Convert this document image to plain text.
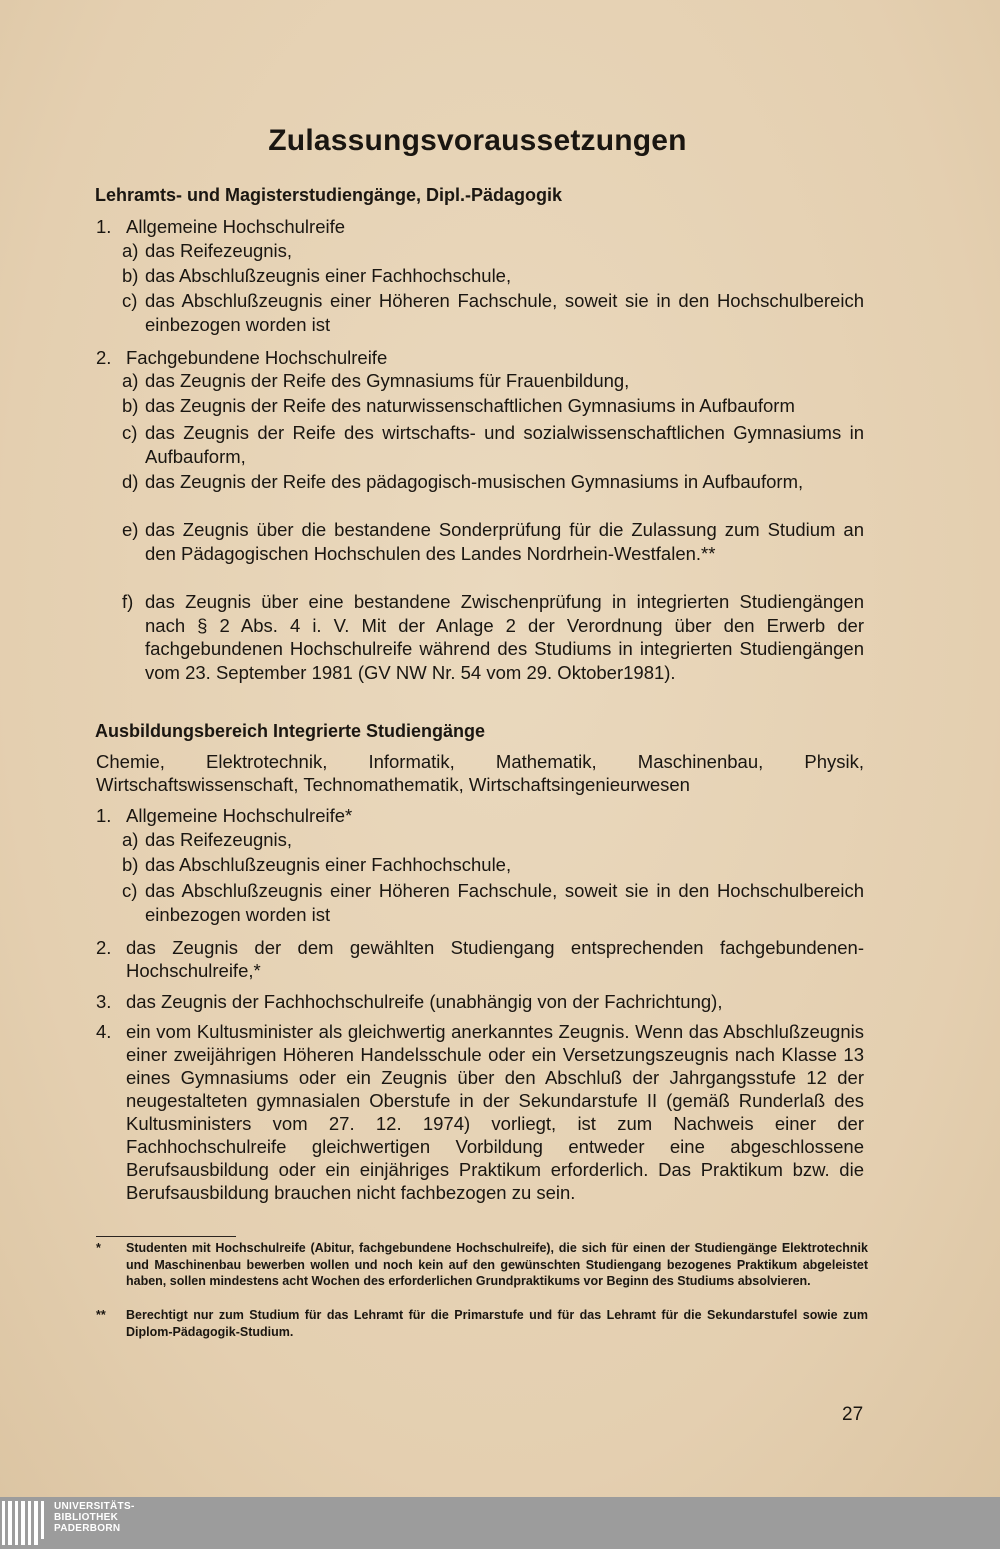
Zulassungsvoraussetzungen
Lehramts- und Magisterstudiengänge, Dipl.-Pädagogik
1. Allgemeine Hochschulreife
a) das Reifezeugnis,
b) das Abschlußzeugnis einer Fachhochschule,
c) das Abschlußzeugnis einer Höheren Fachschule, soweit sie in den Hochschulbereich einbezogen worden ist
2. Fachgebundene Hochschulreife
a) das Zeugnis der Reife des Gymnasiums für Frauenbildung,
b) das Zeugnis der Reife des naturwissenschaftlichen Gymnasiums in Aufbauform
c) das Zeugnis der Reife des wirtschafts- und sozialwissenschaftlichen Gymnasiums in Aufbauform,
d) das Zeugnis der Reife des pädagogisch-musischen Gymnasiums in Aufbauform,
e) das Zeugnis über die bestandene Sonderprüfung für die Zulassung zum Studium an den Pädagogischen Hochschulen des Landes Nordrhein-Westfalen.**
f) das Zeugnis über eine bestandene Zwischenprüfung in integrierten Studiengängen nach § 2 Abs. 4 i. V. Mit der Anlage 2 der Verordnung über den Erwerb der fachgebundenen Hochschulreife während des Studiums in integrierten Studiengängen vom 23. September 1981 (GV NW Nr. 54 vom 29. Oktober1981).
Ausbildungsbereich Integrierte Studiengänge
Chemie, Elektrotechnik, Informatik, Mathematik, Maschinenbau, Physik, Wirtschaftswissenschaft, Technomathematik, Wirtschaftsingenieurwesen
1. Allgemeine Hochschulreife*
a) das Reifezeugnis,
b) das Abschlußzeugnis einer Fachhochschule,
c) das Abschlußzeugnis einer Höheren Fachschule, soweit sie in den Hochschulbereich einbezogen worden ist
2. das Zeugnis der dem gewählten Studiengang entsprechenden fachgebundenen-Hochschulreife,*
3. das Zeugnis der Fachhochschulreife (unabhängig von der Fachrichtung),
4. ein vom Kultusminister als gleichwertig anerkanntes Zeugnis. Wenn das Abschlußzeugnis einer zweijährigen Höheren Handelsschule oder ein Versetzungszeugnis nach Klasse 13 eines Gymnasiums oder ein Zeugnis über den Abschluß der Jahrgangsstufe 12 der neugestalteten gymnasialen Oberstufe in der Sekundarstufe II (gemäß Runderlaß des Kultusministers vom 27. 12. 1974) vorliegt, ist zum Nachweis einer der Fachhochschulreife gleichwertigen Vorbildung entweder eine abgeschlossene Berufsausbildung oder ein einjähriges Praktikum erforderlich. Das Praktikum bzw. die Berufsausbildung brauchen nicht fachbezogen zu sein.
* Studenten mit Hochschulreife (Abitur, fachgebundene Hochschulreife), die sich für einen der Studiengänge Elektrotechnik und Maschinenbau bewerben wollen und noch kein auf den gewünschten Studiengang bezogenes Praktikum abgeleistet haben, sollen mindestens acht Wochen des erforderlichen Grundpraktikums vor Beginn des Studiums absolvieren.
** Berechtigt nur zum Studium für das Lehramt für die Primarstufe und für das Lehramt für die Sekundarstufel sowie zum Diplom-Pädagogik-Studium.
27
UNIVERSITÄTS-
BIBLIOTHEK
PADERBORN
